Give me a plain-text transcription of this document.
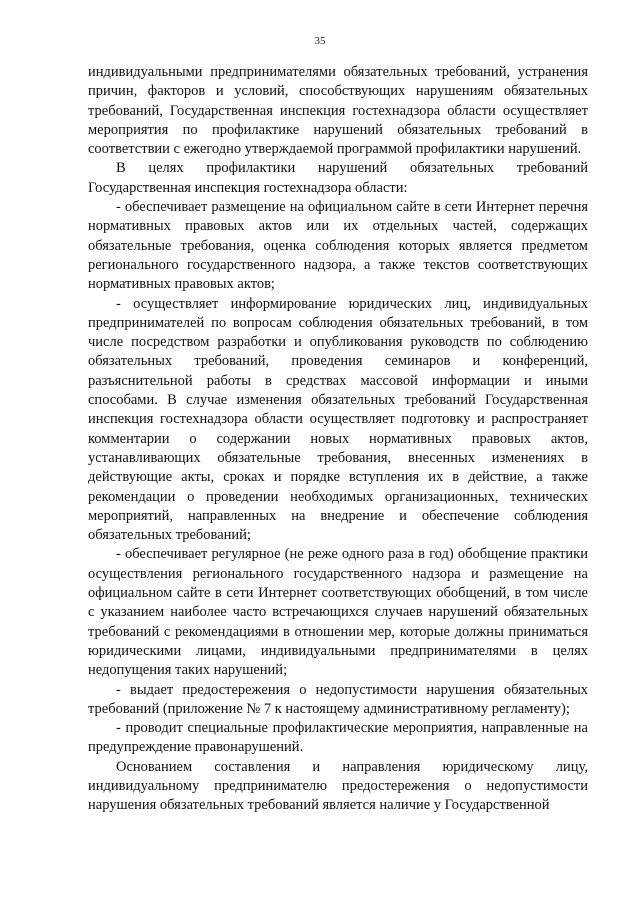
35

индивидуальными предпринимателями обязательных требований, устранения причин, факторов и условий, способствующих нарушениям обязательных требований, Государственная инспекция гостехнадзора области осуществляет мероприятия по профилактике нарушений обязательных требований в соответствии с ежегодно утверждаемой программой профилактики нарушений.

В целях профилактики нарушений обязательных требований Государственная инспекция гостехнадзора области:

- обеспечивает размещение на официальном сайте в сети Интернет перечня нормативных правовых актов или их отдельных частей, содержащих обязательные требования, оценка соблюдения которых является предметом регионального государственного надзора, а также текстов соответствующих нормативных правовых актов;

- осуществляет информирование юридических лиц, индивидуальных предпринимателей по вопросам соблюдения обязательных требований, в том числе посредством разработки и опубликования руководств по соблюдению обязательных требований, проведения семинаров и конференций, разъяснительной работы в средствах массовой информации и иными способами. В случае изменения обязательных требований Государственная инспекция гостехнадзора области осуществляет подготовку и распространяет комментарии о содержании новых нормативных правовых актов, устанавливающих обязательные требования, внесенных изменениях в действующие акты, сроках и порядке вступления их в действие, а также рекомендации о проведении необходимых организационных, технических мероприятий, направленных на внедрение и обеспечение соблюдения обязательных требований;

- обеспечивает регулярное (не реже одного раза в год) обобщение практики осуществления регионального государственного надзора и размещение на официальном сайте в сети Интернет соответствующих обобщений, в том числе с указанием наиболее часто встречающихся случаев нарушений обязательных требований с рекомендациями в отношении мер, которые должны приниматься юридическими лицами, индивидуальными предпринимателями в целях недопущения таких нарушений;

- выдает предостережения о недопустимости нарушения обязательных требований (приложение № 7 к настоящему административному регламенту);

- проводит специальные профилактические мероприятия, направленные на предупреждение правонарушений.

Основанием составления и направления юридическому лицу, индивидуальному предпринимателю предостережения о недопустимости нарушения обязательных требований является наличие у Государственной
